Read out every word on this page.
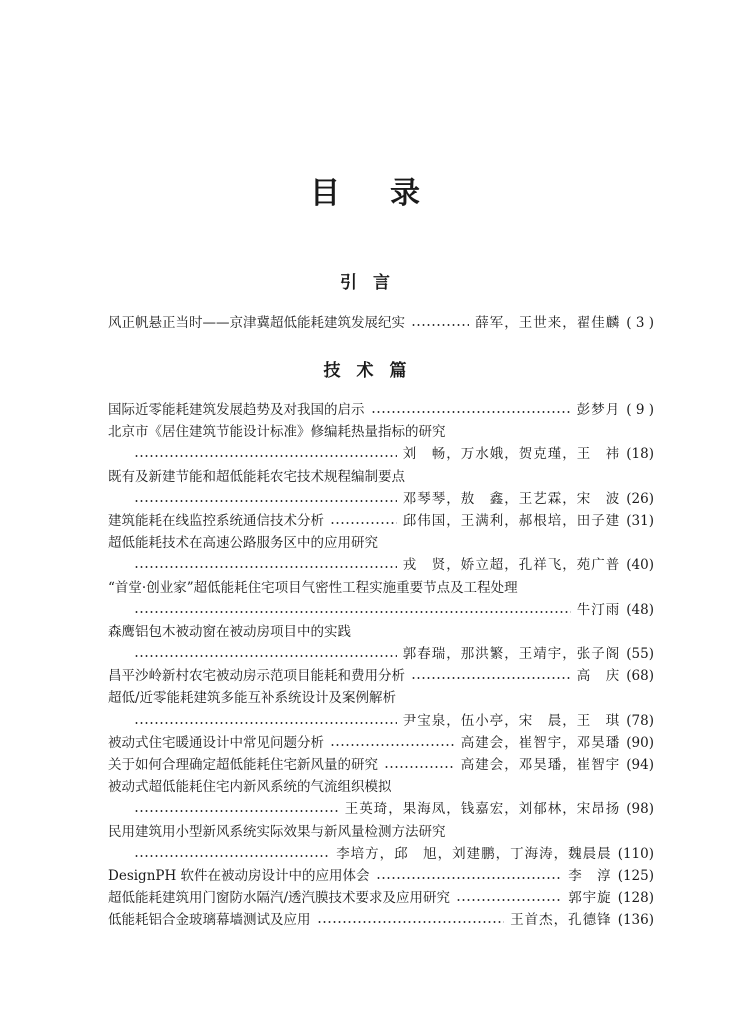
目录
引言
风正帆悬正当时——京津冀超低能耗建筑发展纪实	薛军，王世来，翟佳麟 ( 3 )
技术篇
国际近零能耗建筑发展趋势及对我国的启示	彭梦月 ( 9 )
北京市《居住建筑节能设计标准》修编耗热量指标的研究
刘　畅，万水娥，贺克瑾，王　祎 (18)
既有及新建节能和超低能耗农宅技术规程编制要点
邓琴琴，敖　鑫，王艺霖，宋　波 (26)
建筑能耗在线监控系统通信技术分析	邱伟国，王满利，郝根培，田子建 (31)
超低能耗技术在高速公路服务区中的应用研究
戎　贤，娇立超，孔祥飞，苑广普 (40)
“首堂·创业家”超低能耗住宅项目气密性工程实施重要节点及工程处理
牛汀雨 (48)
森鹰铝包木被动窗在被动房项目中的实践
郭春瑞，那洪繁，王靖宇，张子阁 (55)
昌平沙岭新村农宅被动房示范项目能耗和费用分析	高　庆 (68)
超低/近零能耗建筑多能互补系统设计及案例解析
尹宝泉，伍小亭，宋　晨，王　琪 (78)
被动式住宅暖通设计中常见问题分析	高建会，崔智宇，邓昊璠 (90)
关于如何合理确定超低能耗住宅新风量的研究	高建会，邓昊璠，崔智宇 (94)
被动式超低能耗住宅内新风系统的气流组织模拟
王英琦，果海凤，钱嘉宏，刘郁林，宋昂扬 (98)
民用建筑用小型新风系统实际效果与新风量检测方法研究
李培方，邱　旭，刘建鹏，丁海涛，魏晨晨 (110)
DesignPH 软件在被动房设计中的应用体会	李　淳 (125)
超低能耗建筑用门窗防水隔汽/透汽膜技术要求及应用研究	郭宇旋 (128)
低能耗铝合金玻璃幕墙测试及应用	王首杰，孔德锋 (136)
